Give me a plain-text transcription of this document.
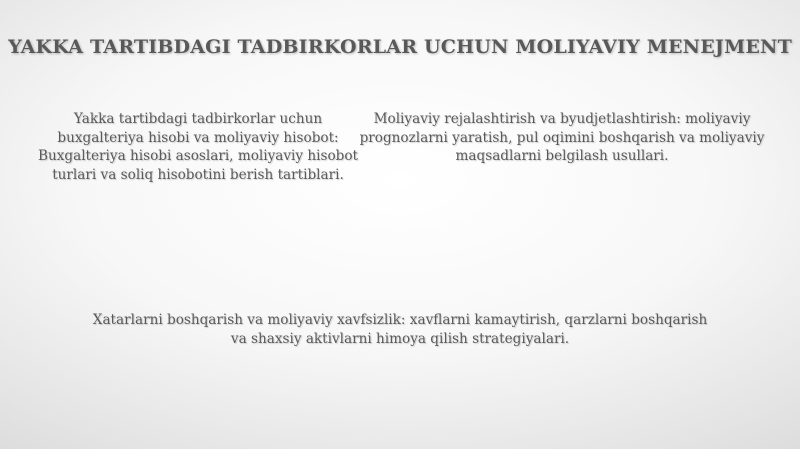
YAKKA TARTIBDAGI TADBIRKORLAR UCHUN MOLIYAVIY MENEJMENT
Yakka tartibdagi tadbirkorlar uchun buxgalteriya hisobi va moliyaviy hisobot: Buxgalteriya hisobi asoslari, moliyaviy hisobot turlari va soliq hisobotini berish tartiblari.
Moliyaviy rejalashtirish va byudjetlashtirish: moliyaviy prognozlarni yaratish, pul oqimini boshqarish va moliyaviy maqsadlarni belgilash usullari.
Xatarlarni boshqarish va moliyaviy xavfsizlik: xavflarni kamaytirish, qarzlarni boshqarish va shaxsiy aktivlarni himoya qilish strategiyalari.
